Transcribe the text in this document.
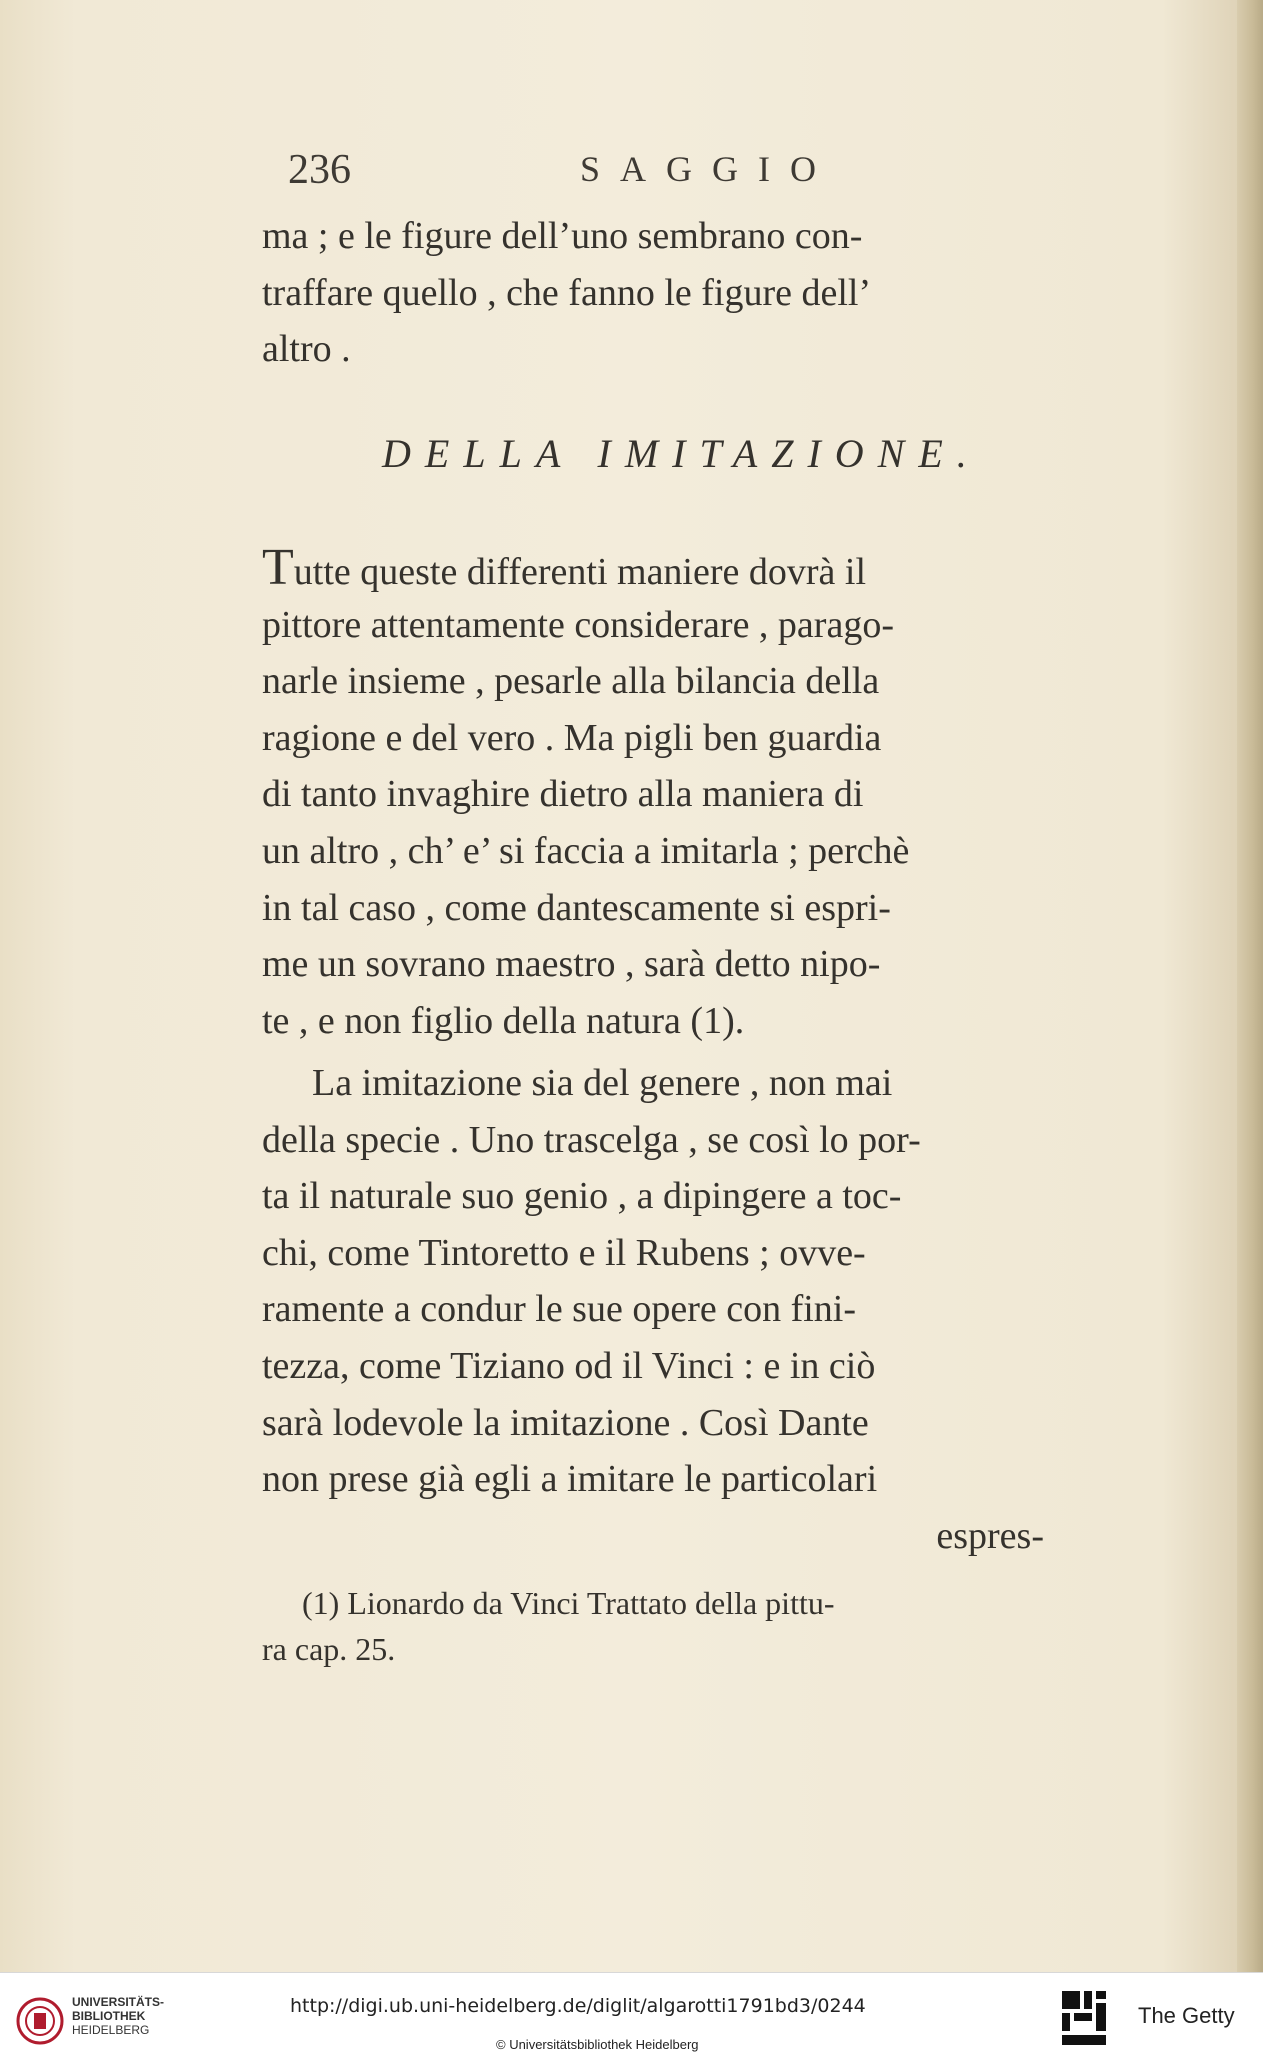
236	SAGGIO
ma ; e le figure dell’uno sembrano con-
traffare quello , che fanno le figure dell’
altro .
DELLA IMITAZIONE.
Tutte queste differenti maniere dovrà il
pittore attentamente considerare , parago-
narle insieme , pesarle alla bilancia della
ragione e del vero . Ma pigli ben guardia
di tanto invaghire dietro alla maniera di
un altro , ch’ e’ si faccia a imitarla ; perchè
in tal caso , come dantescamente si espri-
me un sovrano maestro , sarà detto nipo-
te , e non figlio della natura (1).
La imitazione sia del genere , non mai
della specie . Uno trascelga , se così lo por-
ta il naturale suo genio , a dipingere a toc-
chi, come Tintoretto e il Rubens ; ovve-
ramente a condur le sue opere con fini-
tezza, come Tiziano od il Vinci : e in ciò
sarà lodevole la imitazione . Così Dante
non prese già egli a imitare le particolari
espres-
(1) Lionardo da Vinci Trattato della pittu-
ra cap. 25.
UNIVERSITÄTS-
BIBLIOTHEK
HEIDELBERG
http://digi.ub.uni-heidelberg.de/diglit/algarotti1791bd3/0244
© Universitätsbibliothek Heidelberg
The Getty
